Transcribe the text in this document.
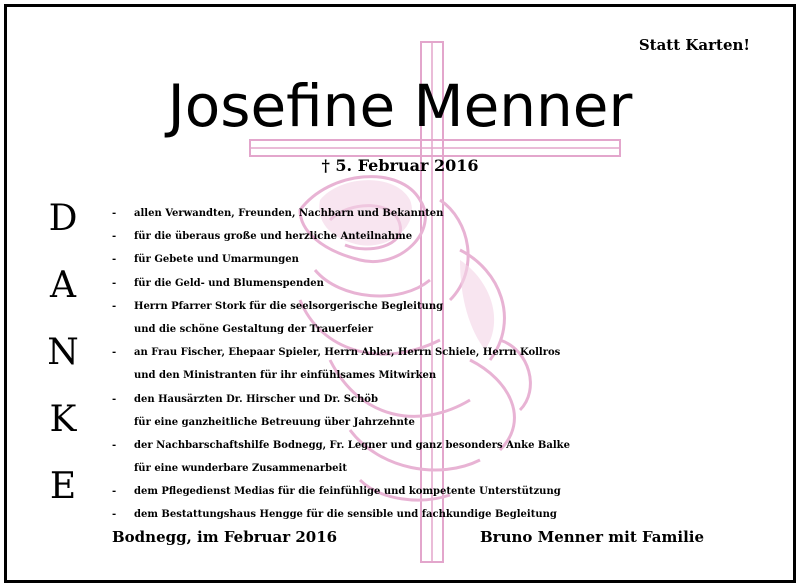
Statt Karten!
Josefine Menner
† 5. Februar 2016
D
A
N
K
E
- allen Verwandten, Freunden, Nachbarn und Bekannten
- für die überaus große und herzliche Anteilnahme
- für Gebete und Umarmungen
- für die Geld- und Blumenspenden
- Herrn Pfarrer Stork für die seelsorgerische Begleitung
und die schöne Gestaltung der Trauerfeier
- an Frau Fischer, Ehepaar Spieler, Herrn Abler, Herrn Schiele, Herrn Kollros
und den Ministranten für ihr einfühlsames Mitwirken
- den Hausärzten Dr. Hirscher und Dr. Schöb
für eine ganzheitliche Betreuung über Jahrzehnte
- der Nachbarschaftshilfe Bodnegg, Fr. Legner und ganz besonders Anke Balke
für eine wunderbare Zusammenarbeit
- dem Pflegedienst Medias für die feinfühlige und kompetente Unterstützung
- dem Bestattungshaus Hengge für die sensible und fachkundige Begleitung
Bodnegg, im Februar 2016	Bruno Menner mit Familie
